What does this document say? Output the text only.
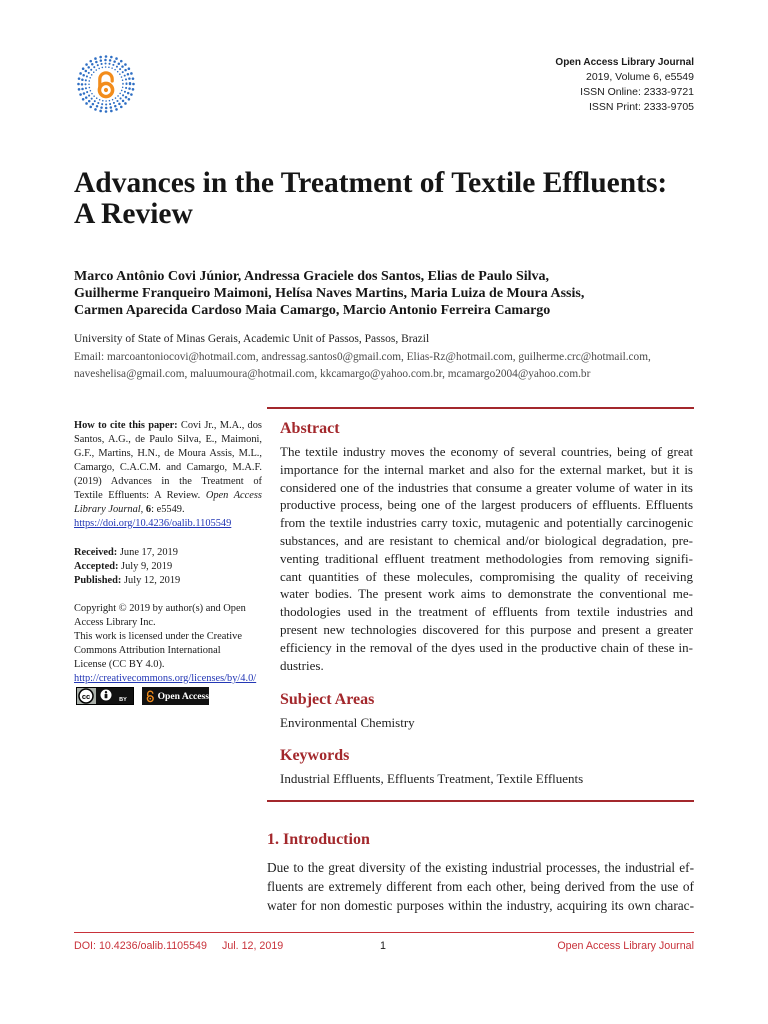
Open Access Library Journal
2019, Volume 6, e5549
ISSN Online: 2333-9721
ISSN Print: 2333-9705
Advances in the Treatment of Textile Effluents:
A Review
Marco Antônio Covi Júnior, Andressa Graciele dos Santos, Elias de Paulo Silva,
Guilherme Franqueiro Maimoni, Helísa Naves Martins, Maria Luiza de Moura Assis,
Carmen Aparecida Cardoso Maia Camargo, Marcio Antonio Ferreira Camargo
University of State of Minas Gerais, Academic Unit of Passos, Passos, Brazil
Email: marcoantoniocovi@hotmail.com, andressag.santos0@gmail.com, Elias-Rz@hotmail.com, guilherme.crc@hotmail.com,
naveshelisa@gmail.com, maluumoura@hotmail.com, kkcamargo@yahoo.com.br, mcamargo2004@yahoo.com.br
How to cite this paper: Covi Jr., M.A., dos
Santos, A.G., de Paulo Silva, E., Maimoni,
G.F., Martins, H.N., de Moura Assis, M.L.,
Camargo, C.A.C.M. and Camargo, M.A.F.
(2019) Advances in the Treatment of
Textile Effluents: A Review. Open Access
Library Journal, 6: e5549.
https://doi.org/10.4236/oalib.1105549
Received: June 17, 2019
Accepted: July 9, 2019
Published: July 12, 2019
Copyright © 2019 by author(s) and Open
Access Library Inc.
This work is licensed under the Creative
Commons Attribution International
License (CC BY 4.0).
http://creativecommons.org/licenses/by/4.0/
cc	BY	Open Access
Abstract
The textile industry moves the economy of several countries, being of great
importance for the internal market and also for the external market, but it is
considered one of the industries that consume a greater volume of water in its
productive process, being one of the largest producers of effluents. Effluents
from the textile industries carry toxic, mutagenic and potentially carcinogenic
substances, and are resistant to chemical and/or biological degradation, pre-
venting traditional effluent treatment methodologies from removing signifi-
cant quantities of these molecules, compromising the quality of receiving
water bodies. The present work aims to demonstrate the conventional me-
thodologies used in the treatment of effluents from textile industries and
present new technologies discovered for this purpose and present a greater
efficiency in the removal of the dyes used in the productive chain of these in-
dustries.
Subject Areas
Environmental Chemistry
Keywords
Industrial Effluents, Effluents Treatment, Textile Effluents
1. Introduction
Due to the great diversity of the existing industrial processes, the industrial ef-
fluents are extremely different from each other, being derived from the use of
water for non domestic purposes within the industry, acquiring its own charac-
DOI: 10.4236/oalib.1105549 Jul. 12, 2019	1	Open Access Library Journal
